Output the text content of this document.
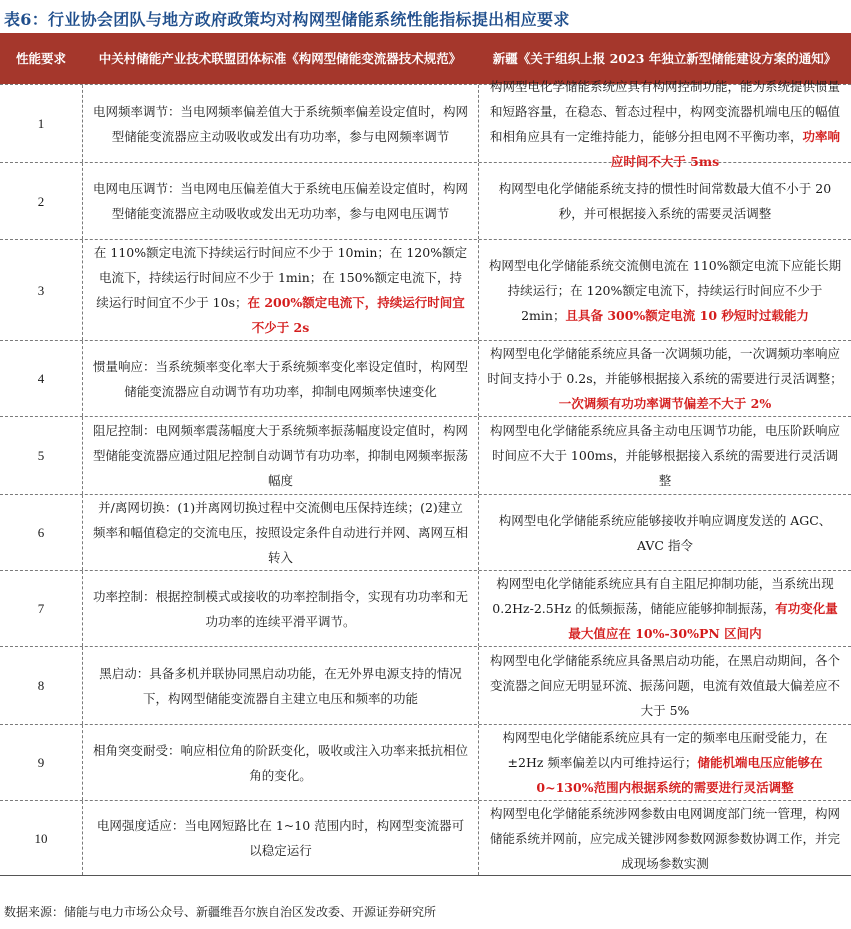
表6：行业协会团队与地方政府政策均对构网型储能系统性能指标提出相应要求
性能要求	中关村储能产业技术联盟团体标准《构网型储能变流器技术规范》	新疆《关于组织上报 2023 年独立新型储能建设方案的通知》
1
电网频率调节：当电网频率偏差值大于系统频率偏差设定值时，构网型储能变流器应主动吸收或发出有功功率，参与电网频率调节
构网型电化学储能系统应具有构网控制功能，能为系统提供惯量和短路容量，在稳态、暂态过程中，构网变流器机端电压的幅值和相角应具有一定维持能力，能够分担电网不平衡功率，功率响应时间不大于 5ms
2
电网电压调节：当电网电压偏差值大于系统电压偏差设定值时，构网型储能变流器应主动吸收或发出无功功率，参与电网电压调节
构网型电化学储能系统支持的惯性时间常数最大值不小于 20 秒，并可根据接入系统的需要灵活调整
3
在 110%额定电流下持续运行时间应不少于 10min；在 120%额定电流下，持续运行时间应不少于 1min；在 150%额定电流下，持续运行时间宜不少于 10s；在 200%额定电流下，持续运行时间宜不少于 2s
构网型电化学储能系统交流侧电流在 110%额定电流下应能长期持续运行；在 120%额定电流下，持续运行时间应不少于 2min；且具备 300%额定电流 10 秒短时过载能力
4
惯量响应：当系统频率变化率大于系统频率变化率设定值时，构网型储能变流器应自动调节有功功率，抑制电网频率快速变化
构网型电化学储能系统应具备一次调频功能，一次调频功率响应时间支持小于 0.2s，并能够根据接入系统的需要进行灵活调整；一次调频有功功率调节偏差不大于 2%
5
阻尼控制：电网频率震荡幅度大于系统频率振荡幅度设定值时，构网型储能变流器应通过阻尼控制自动调节有功功率，抑制电网频率振荡幅度
构网型电化学储能系统应具备主动电压调节功能，电压阶跃响应时间应不大于 100ms，并能够根据接入系统的需要进行灵活调整
6
并/离网切换：(1)并离网切换过程中交流侧电压保持连续；(2)建立频率和幅值稳定的交流电压，按照设定条件自动进行并网、离网互相转入
构网型电化学储能系统应能够接收并响应调度发送的 AGC、AVC 指令
7
功率控制：根据控制模式或接收的功率控制指令，实现有功功率和无功功率的连续平滑平调节。
构网型电化学储能系统应具有自主阻尼抑制功能，当系统出现 0.2Hz-2.5Hz 的低频振荡，储能应能够抑制振荡，有功变化量最大值应在 10%-30%PN 区间内
8
黑启动：具备多机并联协同黑启动功能，在无外界电源支持的情况下，构网型储能变流器自主建立电压和频率的功能
构网型电化学储能系统应具备黑启动功能，在黑启动期间，各个变流器之间应无明显环流、振荡问题，电流有效值最大偏差应不大于 5%
9
相角突变耐受：响应相位角的阶跃变化，吸收或注入功率来抵抗相位角的变化。
构网型电化学储能系统应具有一定的频率电压耐受能力，在±2Hz 频率偏差以内可维持运行；储能机端电压应能够在 0~130%范围内根据系统的需要进行灵活调整
10
电网强度适应：当电网短路比在 1~10 范围内时，构网型变流器可以稳定运行
构网型电化学储能系统涉网参数由电网调度部门统一管理，构网储能系统并网前，应完成关键涉网参数网源参数协调工作，并完成现场参数实测
数据来源：储能与电力市场公众号、新疆维吾尔族自治区发改委、开源证券研究所
